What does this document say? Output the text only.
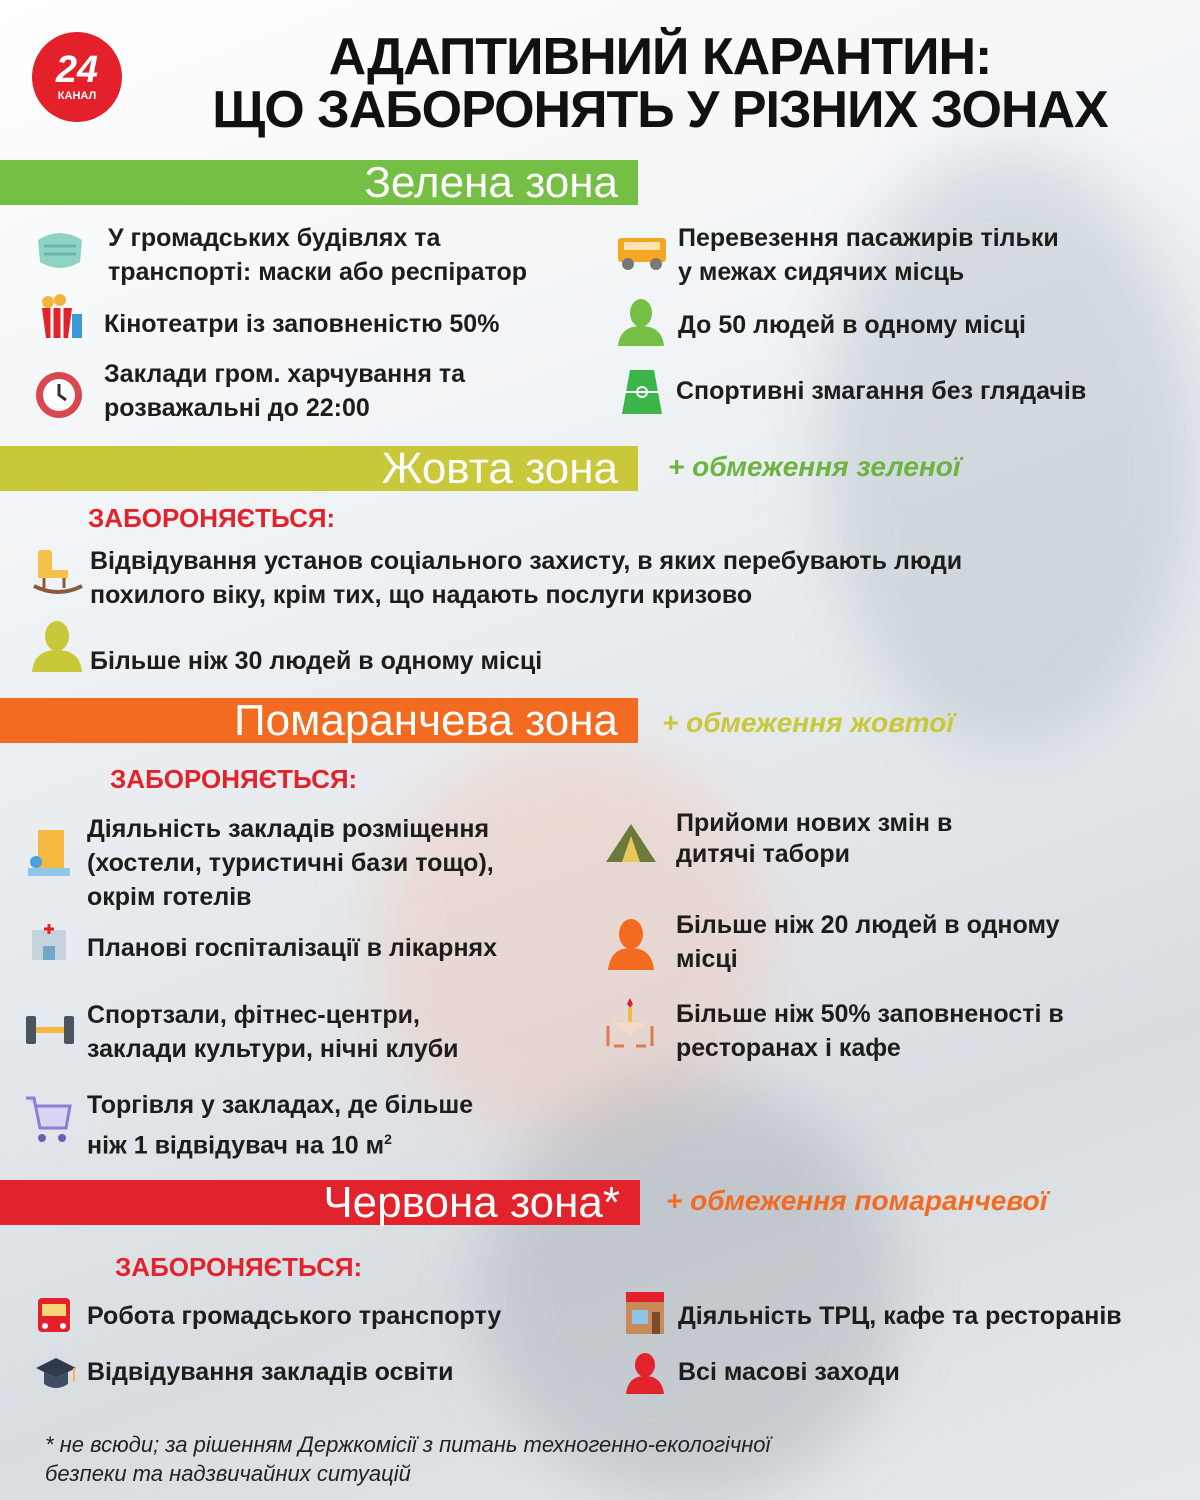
24
КАНАЛ
АДАПТИВНИЙ КАРАНТИН:
ЩО ЗАБОРОНЯТЬ У РІЗНИХ ЗОНАХ
Зелена зона
У громадських будівлях та
транспорті: маски або респіратор
Кінотеатри із заповненістю 50%
Заклади гром. харчування та
розважальні до 22:00
Перевезення пасажирів тільки
у межах сидячих місць
До 50 людей в одному місці
Спортивні змагання без глядачів
Жовта зона	+ обмеження зеленої
ЗАБОРОНЯЄТЬСЯ:
Відвідування установ соціального захисту, в яких перебувають люди
похилого віку, крім тих, що надають послуги кризово
Більше ніж 30 людей в одному місці
Помаранчева зона	+ обмеження жовтої
ЗАБОРОНЯЄТЬСЯ:
Діяльність закладів розміщення
(хостели, туристичні бази тощо),
окрім готелів
Планові госпіталізації в лікарнях
Спортзали, фітнес-центри,
заклади культури, нічні клуби
Торгівля у закладах, де більше
ніж 1 відвідувач на 10 $м^2$
Прийоми нових змін в
дитячі табори
Більше ніж 20 людей в одному
місці
Більше ніж 50% заповненості в
ресторанах і кафе
Червона зона*	+ обмеження помаранчевої
ЗАБОРОНЯЄТЬСЯ:
Робота громадського транспорту
Відвідування закладів освіти
Діяльність ТРЦ, кафе та ресторанів
Всі масові заходи
* не всюди; за рішенням Держкомісії з питань техногенно-екологічної
безпеки та надзвичайних ситуацій
